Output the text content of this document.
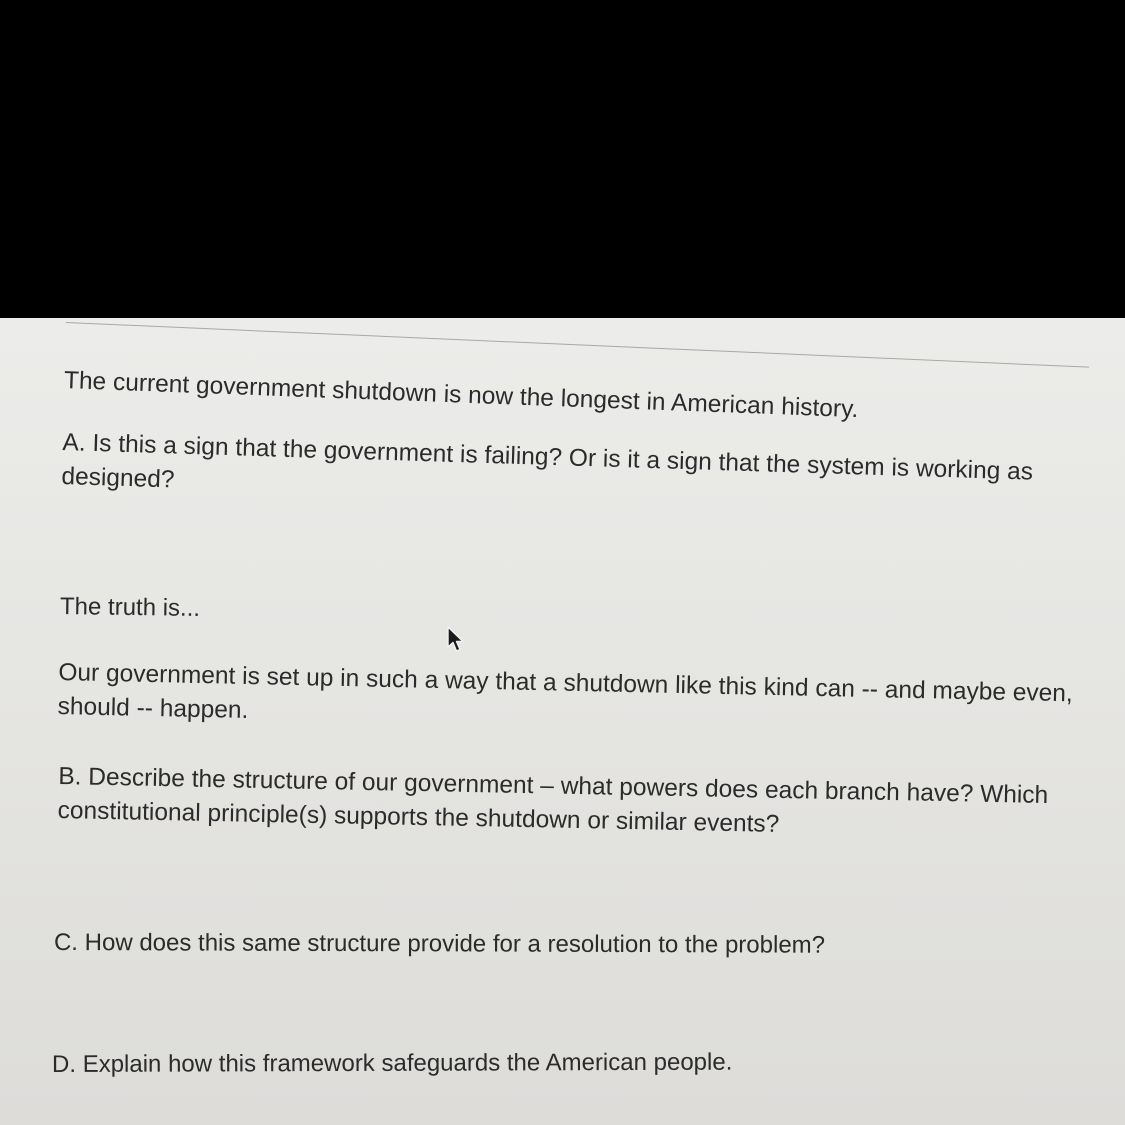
The current government shutdown is now the longest in American history.
A. Is this a sign that the government is failing? Or is it a sign that the system is working as designed?
The truth is...
Our government is set up in such a way that a shutdown like this kind can -- and maybe even, should -- happen.
B. Describe the structure of our government – what powers does each branch have? Which constitutional principle(s) supports the shutdown or similar events?
C. How does this same structure provide for a resolution to the problem?
D. Explain how this framework safeguards the American people.
